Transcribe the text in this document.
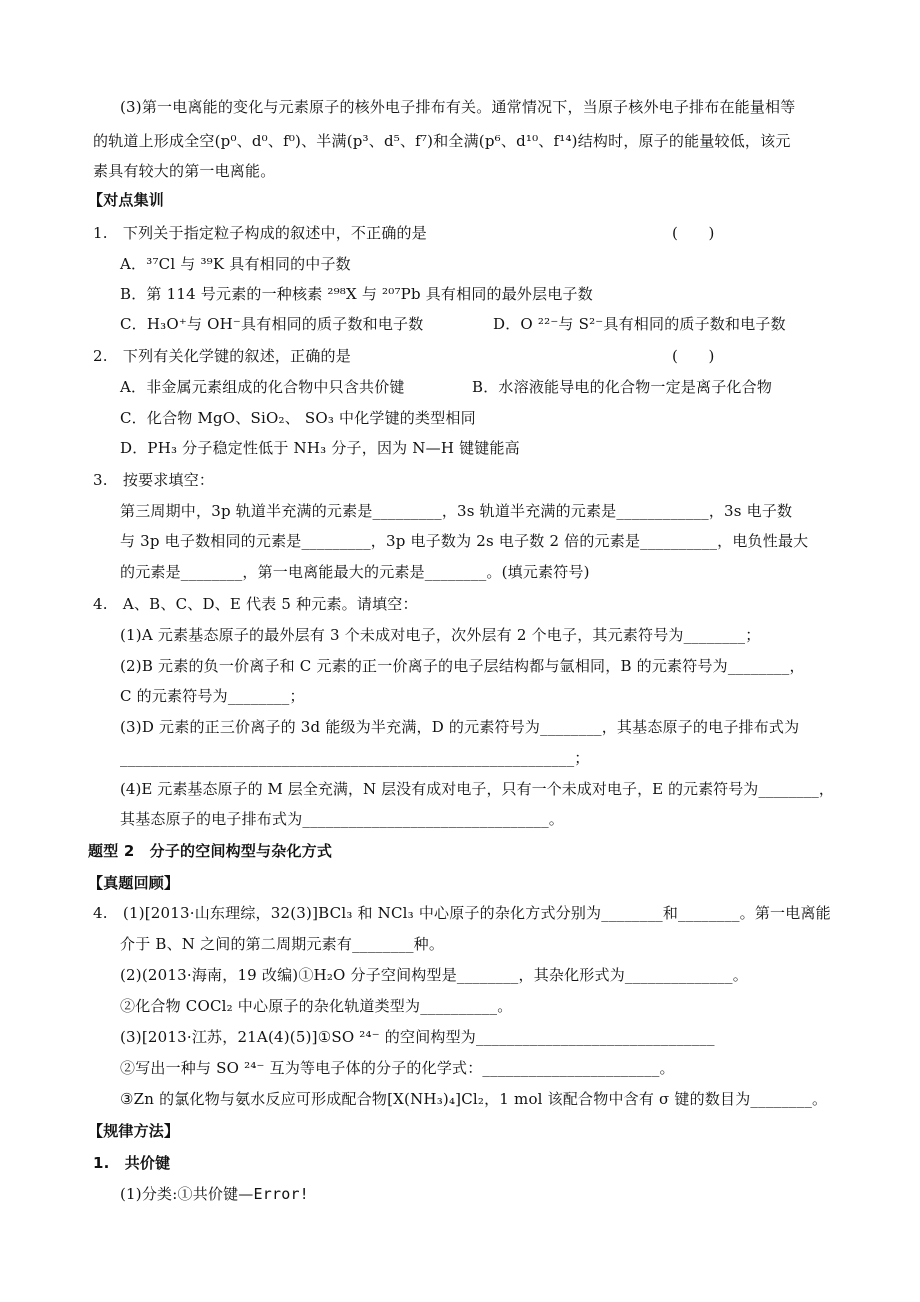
(3)第一电离能的变化与元素原子的核外电子排布有关。通常情况下，当原子核外电子排布在能量相等
的轨道上形成全空(p⁰、d⁰、f⁰)、半满(p³、d⁵、f⁷)和全满(p⁶、d¹⁰、f¹⁴)结构时，原子的能量较低，该元
素具有较大的第一电离能。
【对点集训
1.　下列关于指定粒子构成的叙述中，不正确的是	(　　)
A．³⁷Cl 与 ³⁹K 具有相同的中子数
B．第 114 号元素的一种核素 ²⁹⁸X 与 ²⁰⁷Pb 具有相同的最外层电子数
C．H₃O⁺与 OH⁻具有相同的质子数和电子数	D．O ²²⁻与 S²⁻具有相同的质子数和电子数
2.　下列有关化学键的叙述，正确的是	(　　)
A．非金属元素组成的化合物中只含共价键	B．水溶液能导电的化合物一定是离子化合物
C．化合物 MgO、SiO₂、 SO₃ 中化学键的类型相同
D．PH₃ 分子稳定性低于 NH₃ 分子，因为 N—H 键键能高
3.　按要求填空：
第三周期中，3p 轨道半充满的元素是_________，3s 轨道半充满的元素是____________，3s 电子数
与 3p 电子数相同的元素是_________，3p 电子数为 2s 电子数 2 倍的元素是__________，电负性最大
的元素是________，第一电离能最大的元素是________。(填元素符号)
4.　A、B、C、D、E 代表 5 种元素。请填空：
(1)A 元素基态原子的最外层有 3 个未成对电子，次外层有 2 个电子，其元素符号为________；
(2)B 元素的负一价离子和 C 元素的正一价离子的电子层结构都与氩相同，B 的元素符号为________，
C 的元素符号为________；
(3)D 元素的正三价离子的 3d 能级为半充满，D 的元素符号为________，其基态原子的电子排布式为
___________________________________________________________；
(4)E 元素基态原子的 M 层全充满，N 层没有成对电子，只有一个未成对电子，E 的元素符号为________，
其基态原子的电子排布式为________________________________。
题型 2　分子的空间构型与杂化方式
【真题回顾】
4.　(1)[2013·山东理综，32(3)]BCl₃ 和 NCl₃ 中心原子的杂化方式分别为________和________。第一电离能
介于 B、N 之间的第二周期元素有________种。
(2)(2013·海南，19 改编)①H₂O 分子空间构型是________，其杂化形式为______________。
②化合物 COCl₂ 中心原子的杂化轨道类型为__________。
(3)[2013·江苏，21A(4)(5)]①SO ²⁴⁻ 的空间构型为_______________________________
②写出一种与 SO ²⁴⁻ 互为等电子体的分子的化学式：_______________________。
③Zn 的氯化物与氨水反应可形成配合物[X(NH₃)₄]Cl₂，1 mol 该配合物中含有 σ 键的数目为________。
【规律方法】
1.　共价键
(1)分类:①共价键—Error!
